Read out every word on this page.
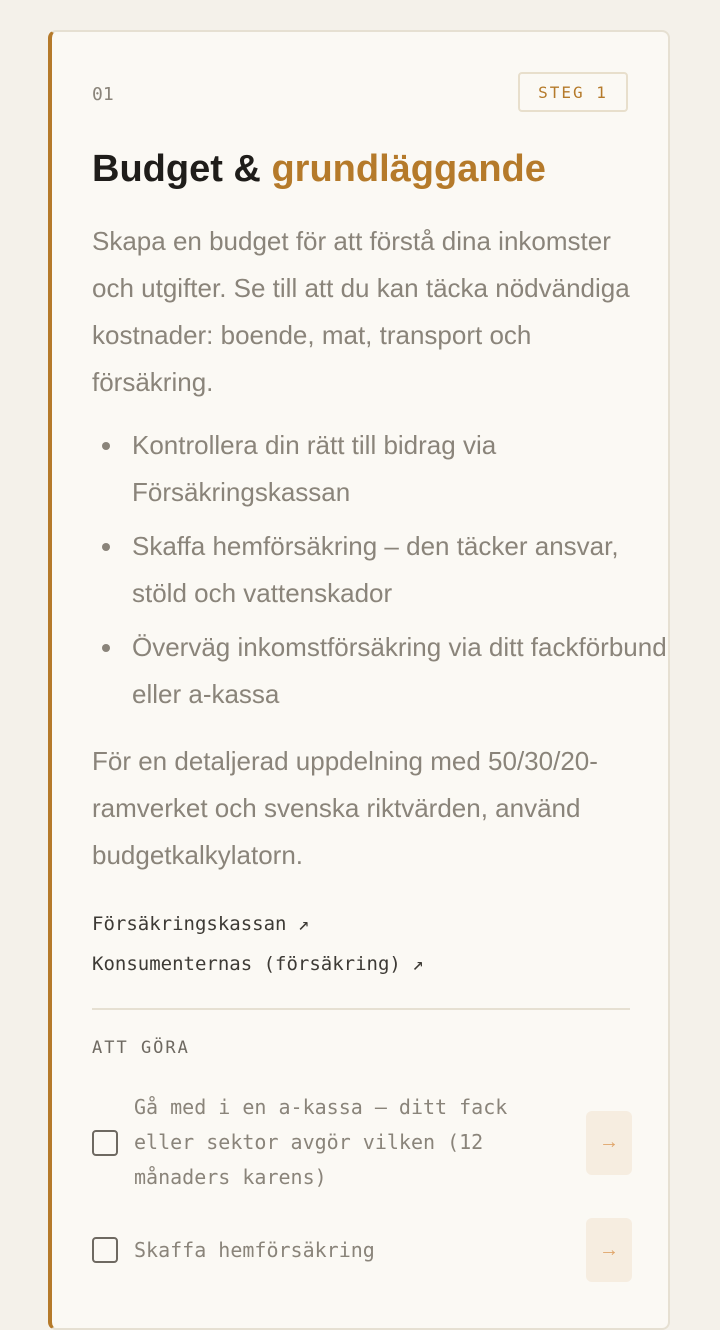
01	STEG 1
Budget & grundläggande

Skapa en budget för att förstå dina inkomster och utgifter. Se till att du kan täcka nödvändiga kostnader: boende, mat, transport och försäkring.

Kontrollera din rätt till bidrag via Försäkringskassan
Skaffa hemförsäkring – den täcker ansvar, stöld och vattenskador
Överväg inkomstförsäkring via ditt fackförbund eller a-kassa

För en detaljerad uppdelning med 50/30/20-ramverket och svenska riktvärden, använd budgetkalkylatorn.

Försäkringskassan ↗
Konsumenternas (försäkring) ↗
ATT GÖRA
Gå med i en a-kassa – ditt fack eller sektor avgör vilken (12 månaders karens)
→
Skaffa hemförsäkring	→
